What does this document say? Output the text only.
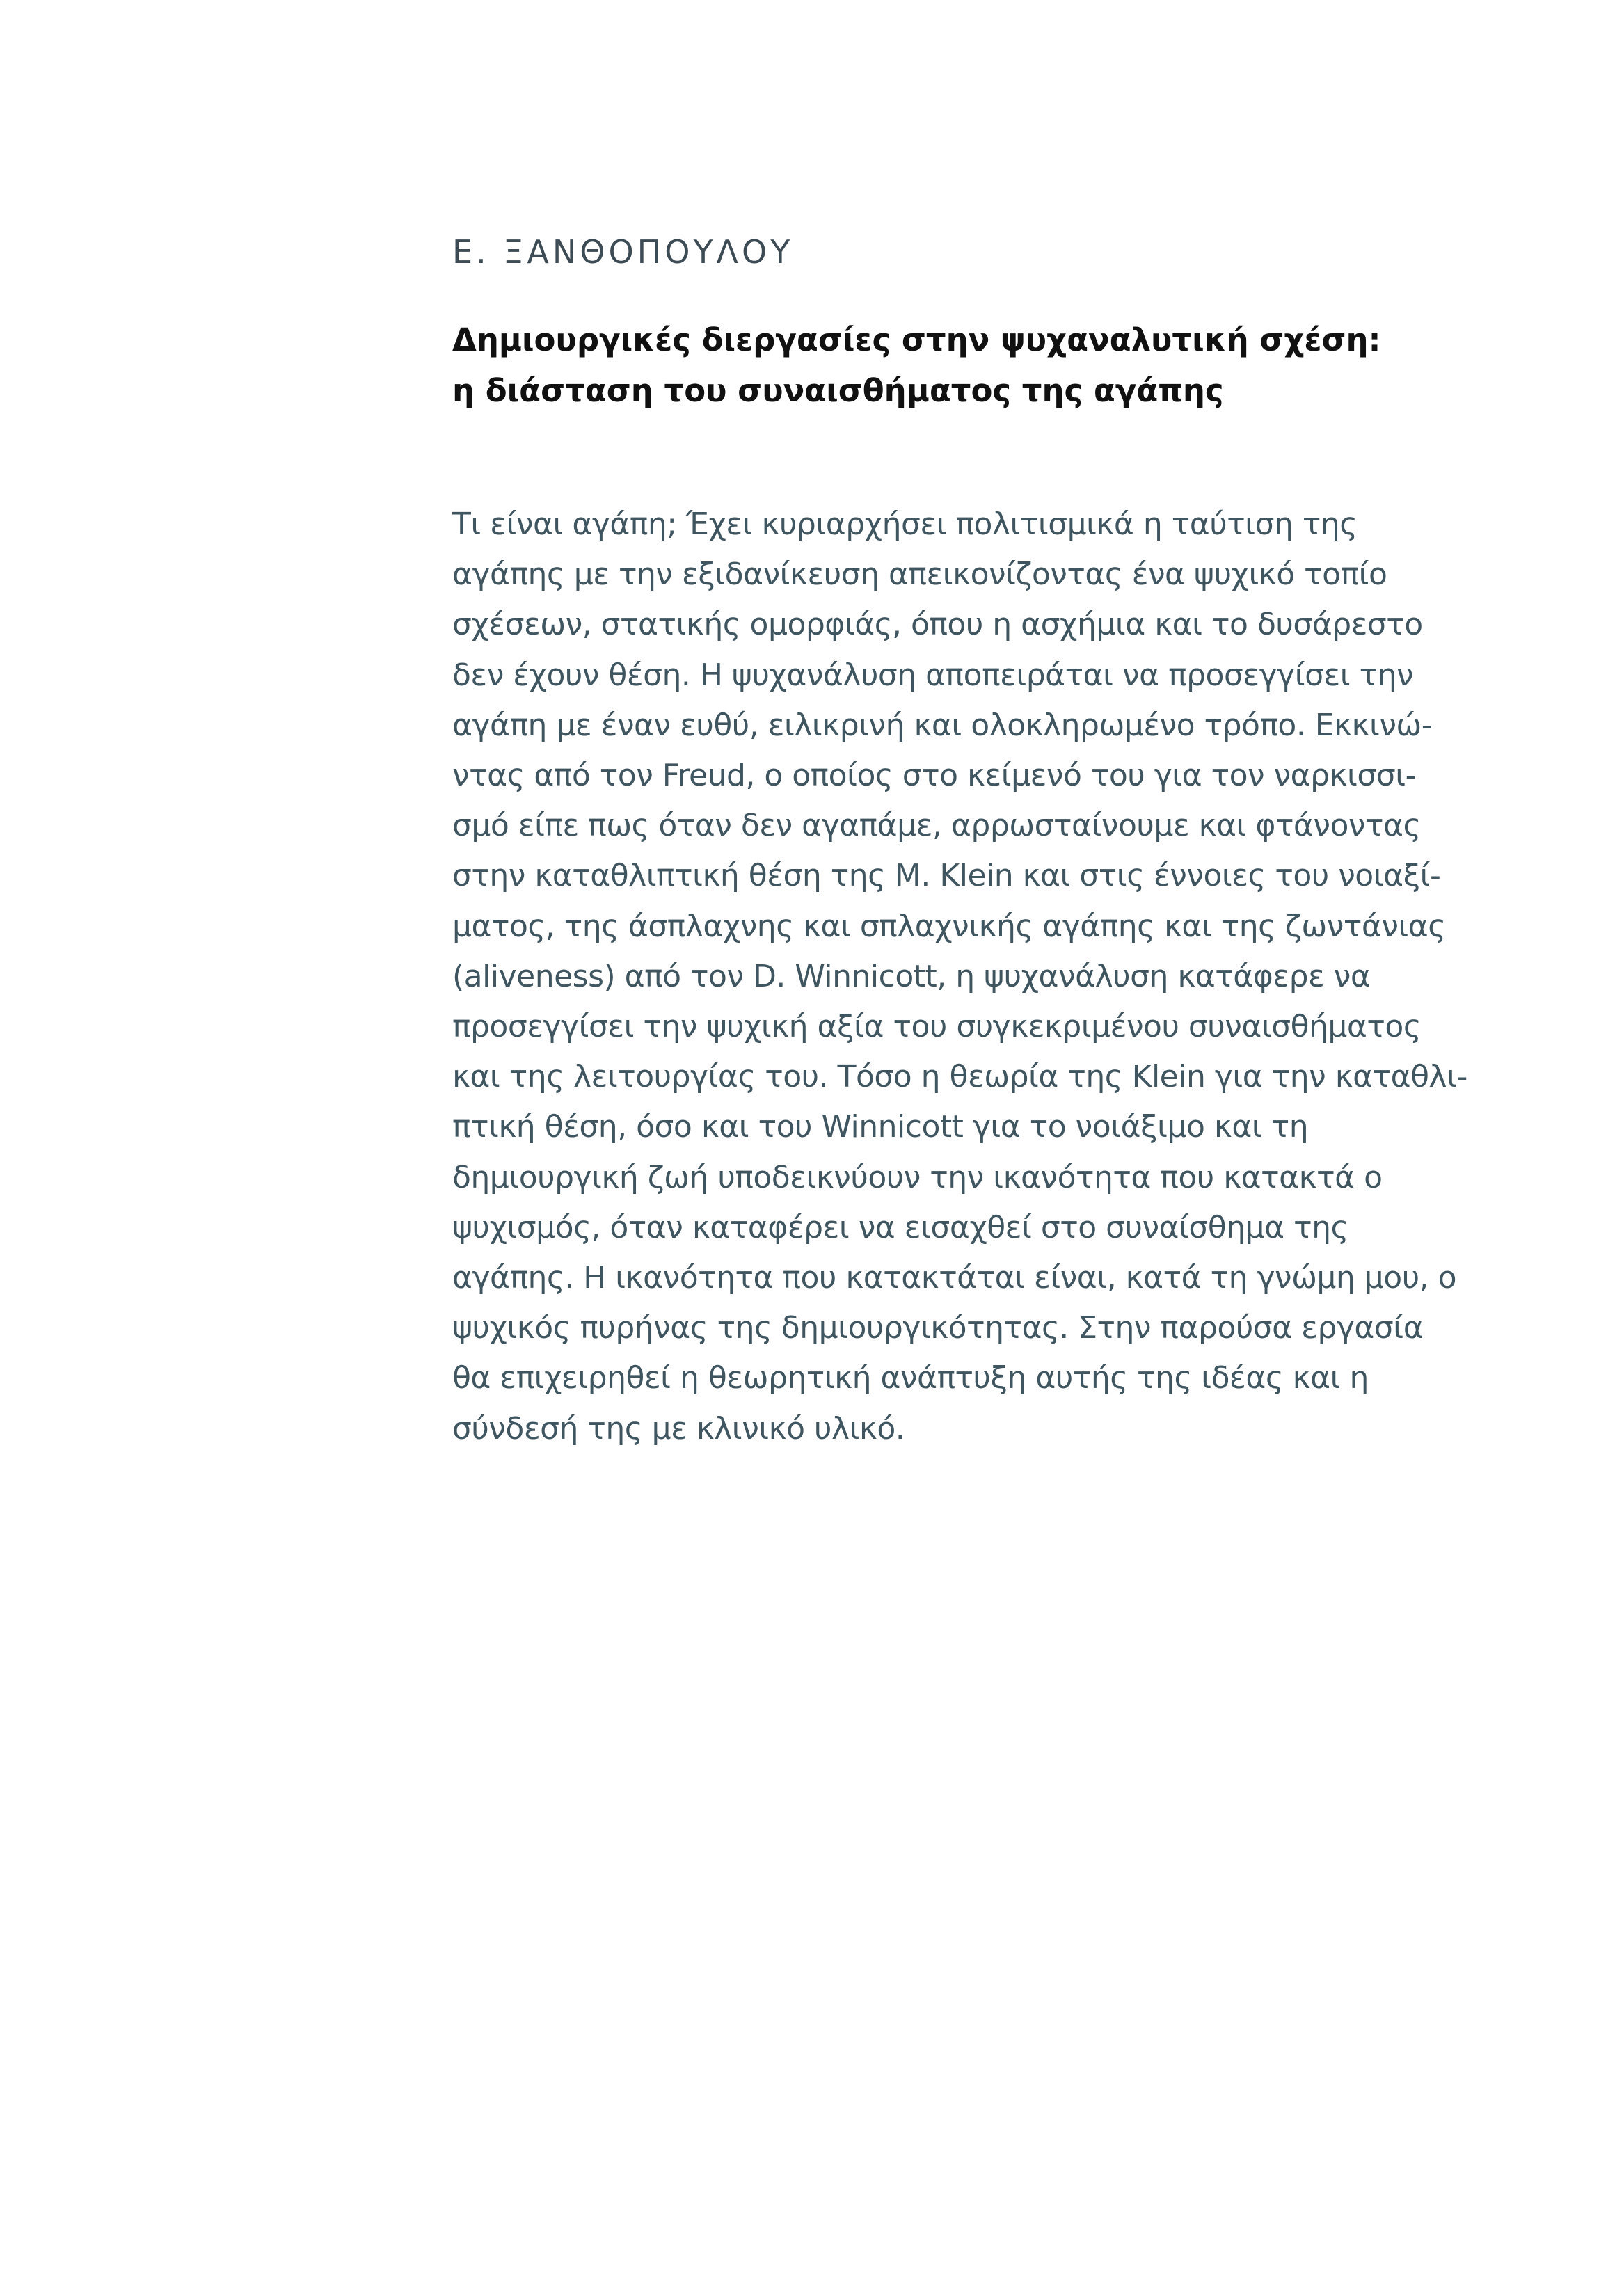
Ε. ΞΑΝΘΟΠΟΥΛΟΥ
Δημιουργικές διεργασίες στην ψυχαναλυτική σχέση:
η διάσταση του συναισθήματος της αγάπης
Τι είναι αγάπη; Έχει κυριαρχήσει πολιτισμικά η ταύτιση της
αγάπης με την εξιδανίκευση απεικονίζοντας ένα ψυχικό τοπίο
σχέσεων, στατικής ομορφιάς, όπου η ασχήμια και το δυσάρεστο
δεν έχουν θέση. Η ψυχανάλυση αποπειράται να προσεγγίσει την
αγάπη με έναν ευθύ, ειλικρινή και ολοκληρωμένο τρόπο. Εκκινώ-
ντας από τον Freud, ο οποίος στο κείμενό του για τον ναρκισσι-
σμό είπε πως όταν δεν αγαπάμε, αρρωσταίνουμε και φτάνοντας
στην καταθλιπτική θέση της M. Klein και στις έννοιες του νοιαξί-
ματος, της άσπλαχνης και σπλαχνικής αγάπης και της ζωντάνιας
(aliveness) από τον D. Winnicott, η ψυχανάλυση κατάφερε να
προσεγγίσει την ψυχική αξία του συγκεκριμένου συναισθήματος
και της λειτουργίας του. Τόσο η θεωρία της Klein για την καταθλι-
πτική θέση, όσο και του Winnicott για το νοιάξιμο και τη
δημιουργική ζωή υποδεικνύουν την ικανότητα που κατακτά ο
ψυχισμός, όταν καταφέρει να εισαχθεί στο συναίσθημα της
αγάπης. Η ικανότητα που κατακτάται είναι, κατά τη γνώμη μου, ο
ψυχικός πυρήνας της δημιουργικότητας. Στην παρούσα εργασία
θα επιχειρηθεί η θεωρητική ανάπτυξη αυτής της ιδέας και η
σύνδεσή της με κλινικό υλικό.
